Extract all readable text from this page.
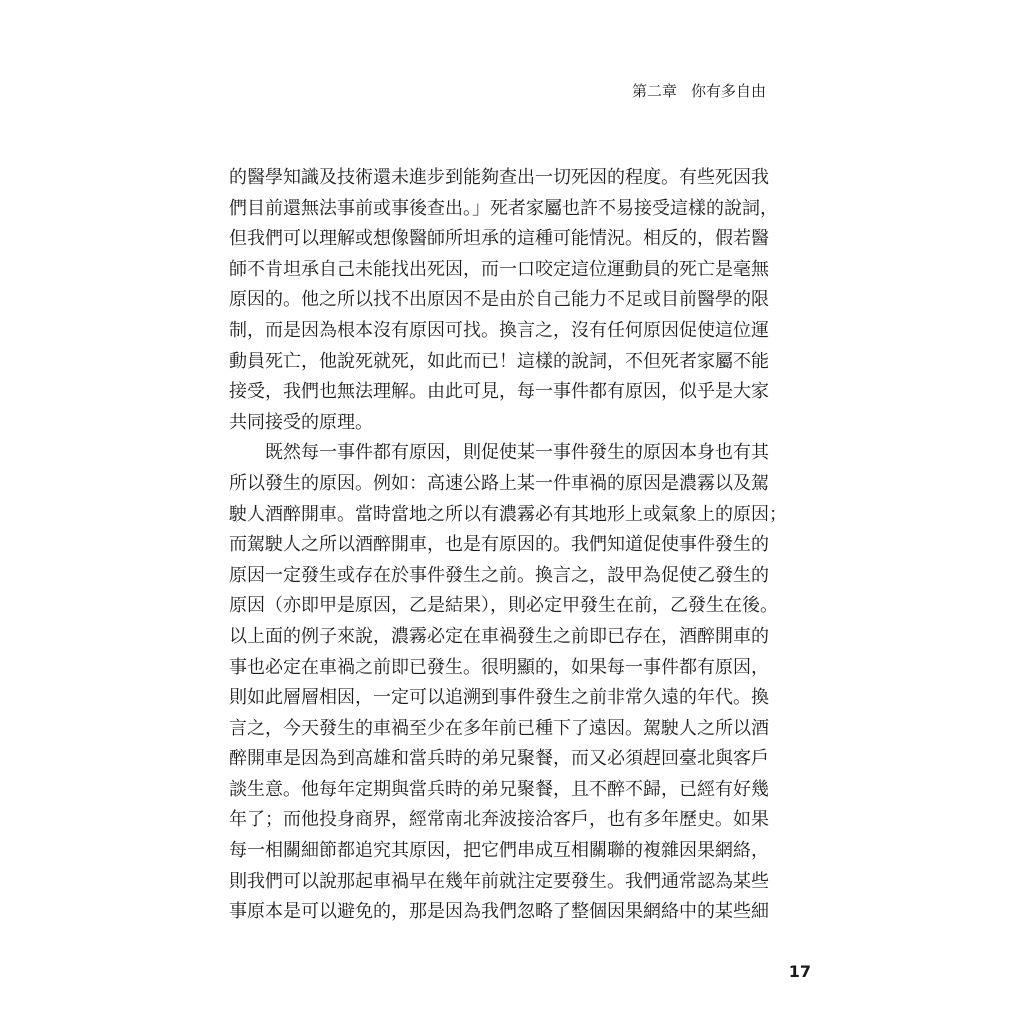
第二章 你有多自由
的醫學知識及技術還未進步到能夠查出一切死因的程度。有些死因我
們目前還無法事前或事後查出。」死者家屬也許不易接受這樣的說詞，
但我們可以理解或想像醫師所坦承的這種可能情況。相反的，假若醫
師不肯坦承自己未能找出死因，而一口咬定這位運動員的死亡是毫無
原因的。他之所以找不出原因不是由於自己能力不足或目前醫學的限
制，而是因為根本沒有原因可找。換言之，沒有任何原因促使這位運
動員死亡，他說死就死，如此而已！這樣的說詞，不但死者家屬不能
接受，我們也無法理解。由此可見，每一事件都有原因，似乎是大家
共同接受的原理。
既然每一事件都有原因，則促使某一事件發生的原因本身也有其
所以發生的原因。例如：高速公路上某一件車禍的原因是濃霧以及駕
駛人酒醉開車。當時當地之所以有濃霧必有其地形上或氣象上的原因；
而駕駛人之所以酒醉開車，也是有原因的。我們知道促使事件發生的
原因一定發生或存在於事件發生之前。換言之，設甲為促使乙發生的
原因（亦即甲是原因，乙是結果），則必定甲發生在前，乙發生在後。
以上面的例子來說，濃霧必定在車禍發生之前即已存在，酒醉開車的
事也必定在車禍之前即已發生。很明顯的，如果每一事件都有原因，
則如此層層相因，一定可以追溯到事件發生之前非常久遠的年代。換
言之，今天發生的車禍至少在多年前已種下了遠因。駕駛人之所以酒
醉開車是因為到高雄和當兵時的弟兄聚餐，而又必須趕回臺北與客戶
談生意。他每年定期與當兵時的弟兄聚餐，且不醉不歸，已經有好幾
年了；而他投身商界，經常南北奔波接洽客戶，也有多年歷史。如果
每一相關細節都追究其原因，把它們串成互相關聯的複雜因果網絡，
則我們可以說那起車禍早在幾年前就注定要發生。我們通常認為某些
事原本是可以避免的，那是因為我們忽略了整個因果網絡中的某些細
17
